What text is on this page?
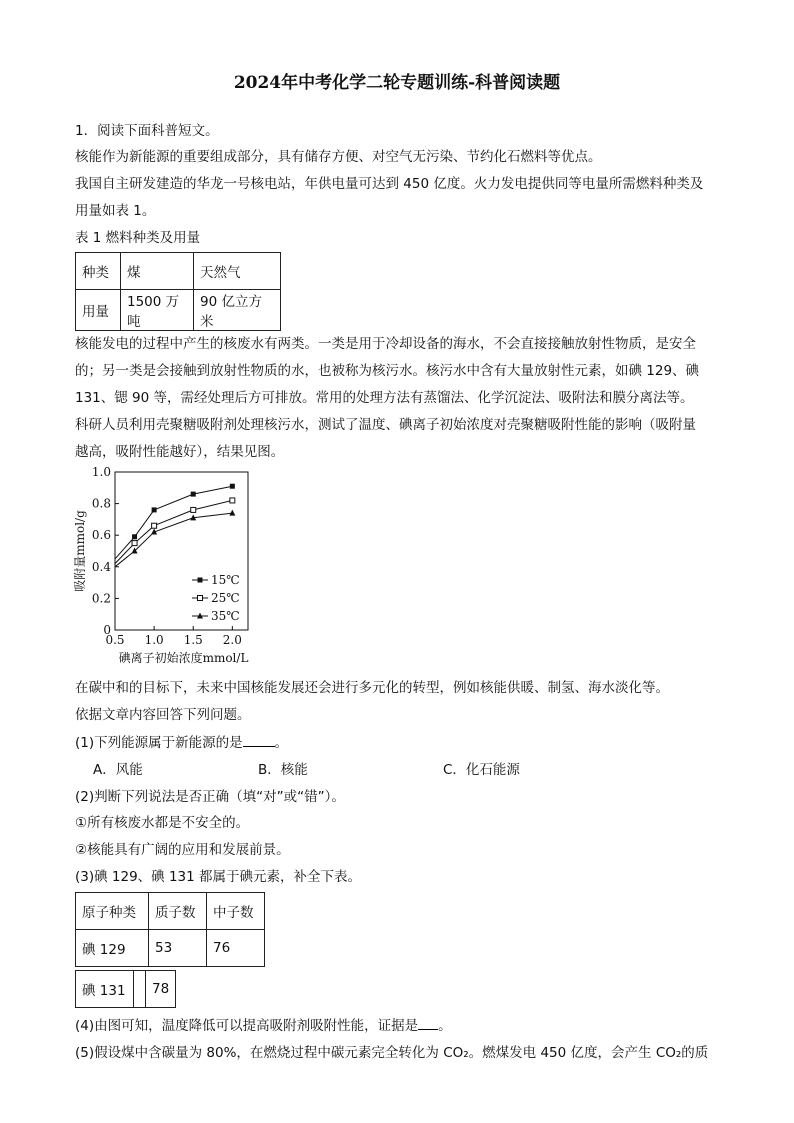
2024年中考化学二轮专题训练-科普阅读题
1．阅读下面科普短文。
核能作为新能源的重要组成部分，具有储存方便、对空气无污染、节约化石燃料等优点。
我国自主研发建造的华龙一号核电站，年供电量可达到 450 亿度。火力发电提供同等电量所需燃料种类及
用量如表 1。
表 1 燃料种类及用量
种类	煤	天然气
用量	1500 万吨	90 亿立方米
核能发电的过程中产生的核废水有两类。一类是用于冷却设备的海水，不会直接接触放射性物质，是安全
的；另一类是会接触到放射性物质的水，也被称为核污水。核污水中含有大量放射性元素，如碘 129、碘
131、锶 90 等，需经处理后方可排放。常用的处理方法有蒸馏法、化学沉淀法、吸附法和膜分离法等。
科研人员利用壳聚糖吸附剂处理核污水，测试了温度、碘离子初始浓度对壳聚糖吸附性能的影响（吸附量
越高，吸附性能越好），结果见图。
0
0.2
0.4
0.6
0.8
1.0
0.5 1.0 1.5 2.0
碘离子初始浓度mmol/L
吸附量mmol/g	15℃
25℃
35℃
在碳中和的目标下，未来中国核能发展还会进行多元化的转型，例如核能供暖、制氢、海水淡化等。
依据文章内容回答下列问题。
(1)下列能源属于新能源的是 。
A．风能	B．核能	C．化石能源
(2)判断下列说法是否正确（填“对”或“错”）。
①所有核废水都是不安全的。
②核能具有广阔的应用和发展前景。
(3)碘 129、碘 131 都属于碘元素，补全下表。
原子种类	质子数	中子数
碘 129	53	76
碘 131		78
(4)由图可知，温度降低可以提高吸附剂吸附性能，证据是 。
(5)假设煤中含碳量为 80%，在燃烧过程中碳元素完全转化为 CO₂。燃煤发电 450 亿度，会产生 CO₂的质
